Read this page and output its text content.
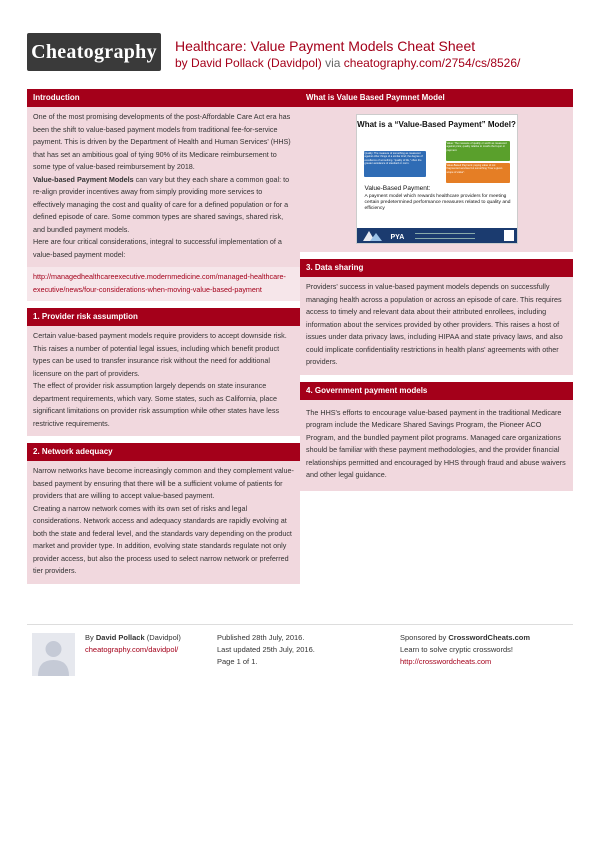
Cheatography Healthcare: Value Payment Models Cheat Sheet
by David Pollack (Davidpol) via cheatography.com/2754/cs/8526/
Introduction

One of the most promising developments of the post-Affordable Care Act era has been the shift to value-based payment models from traditional fee-for-service payment. This is driven by the Department of Health and Human Services' (HHS) that has set an ambitious goal of tying 90% of its Medicare reimbursement to some type of value-based reimbursement by 2018.

Value-based Payment Models can vary but they each share a common goal: to re-align provider incentives away from simply providing more services to effectively managing the cost and quality of care for a defined population or for a defined episode of care. Some common types are shared savings, shared risk, and bundled payment models.

Here are four critical considerations, integral to successful implementation of a value-based payment model:

http://managedhealthcareexecutive.modernmedicine.com/managed-healthcare-executive/news/four-considerations-when-moving-value-based-payment
1. Provider risk assumption

Certain value-based payment models require providers to accept downside risk. This raises a number of potential legal issues, including which benefit product types can be used to transfer insurance risk without the need for additional licensure on the part of providers.

The effect of provider risk assumption largely depends on state insurance department requirements, which vary. Some states, such as California, place significant limitations on provider risk assumption while other states have less restrictive requirements.

2. Network adequacy

Narrow networks have become increasingly common and they complement value-based payment by ensuring that there will be a sufficient volume of patients for providers that are willing to accept value-based payment.

Creating a narrow network comes with its own set of risks and legal considerations. Network access and adequacy standards are rapidly evolving at both the state and federal level, and the standards vary depending on the product market and provider type. In addition, evolving state standards regulate not only provider access, but also the process used to select narrow network or preferred tier providers.

What is Value Based Paymnet Model
What is a “Value-Based Payment” Model?
Quality: The measure of something as measured against other things of a similar kind; the degree of excellence of something. "quality of life," often the greater avoidance of standard or norm.
Value: The measure of quality or worth as measured against price; quality relative to cost/to the buyer or payment.
Value-Based Payment: paying value of not fragmented services but something "how a given scope of value".
Value-Based Payment:
A payment model which rewards healthcare providers for meeting certain predetermined performance measures related to quality and efficiency
PYA
3. Data sharing

Providers' success in value-based payment models depends on successfully managing health across a population or across an episode of care. This requires access to timely and relevant data about their attributed enrollees, including information about the services provided by other providers. This raises a host of issues under data privacy laws, including HIPAA and state privacy laws, and also could implicate confidentiality restrictions in health plans' agreements with other providers.

4. Government payment models

The HHS's efforts to encourage value-based payment in the traditional Medicare program include the Medicare Shared Savings Program, the Pioneer ACO Program, and the bundled payment pilot programs. Managed care organizations should be familiar with these payment methodologies, and the provider financial relationships permitted and encouraged by HHS through fraud and abuse waivers and other legal guidance.

By David Pollack (Davidpol)
cheatography.com/davidpol/
Published 28th July, 2016.
Last updated 25th July, 2016.
Page 1 of 1.
Sponsored by CrosswordCheats.com
Learn to solve cryptic crosswords!
http://crosswordcheats.com
